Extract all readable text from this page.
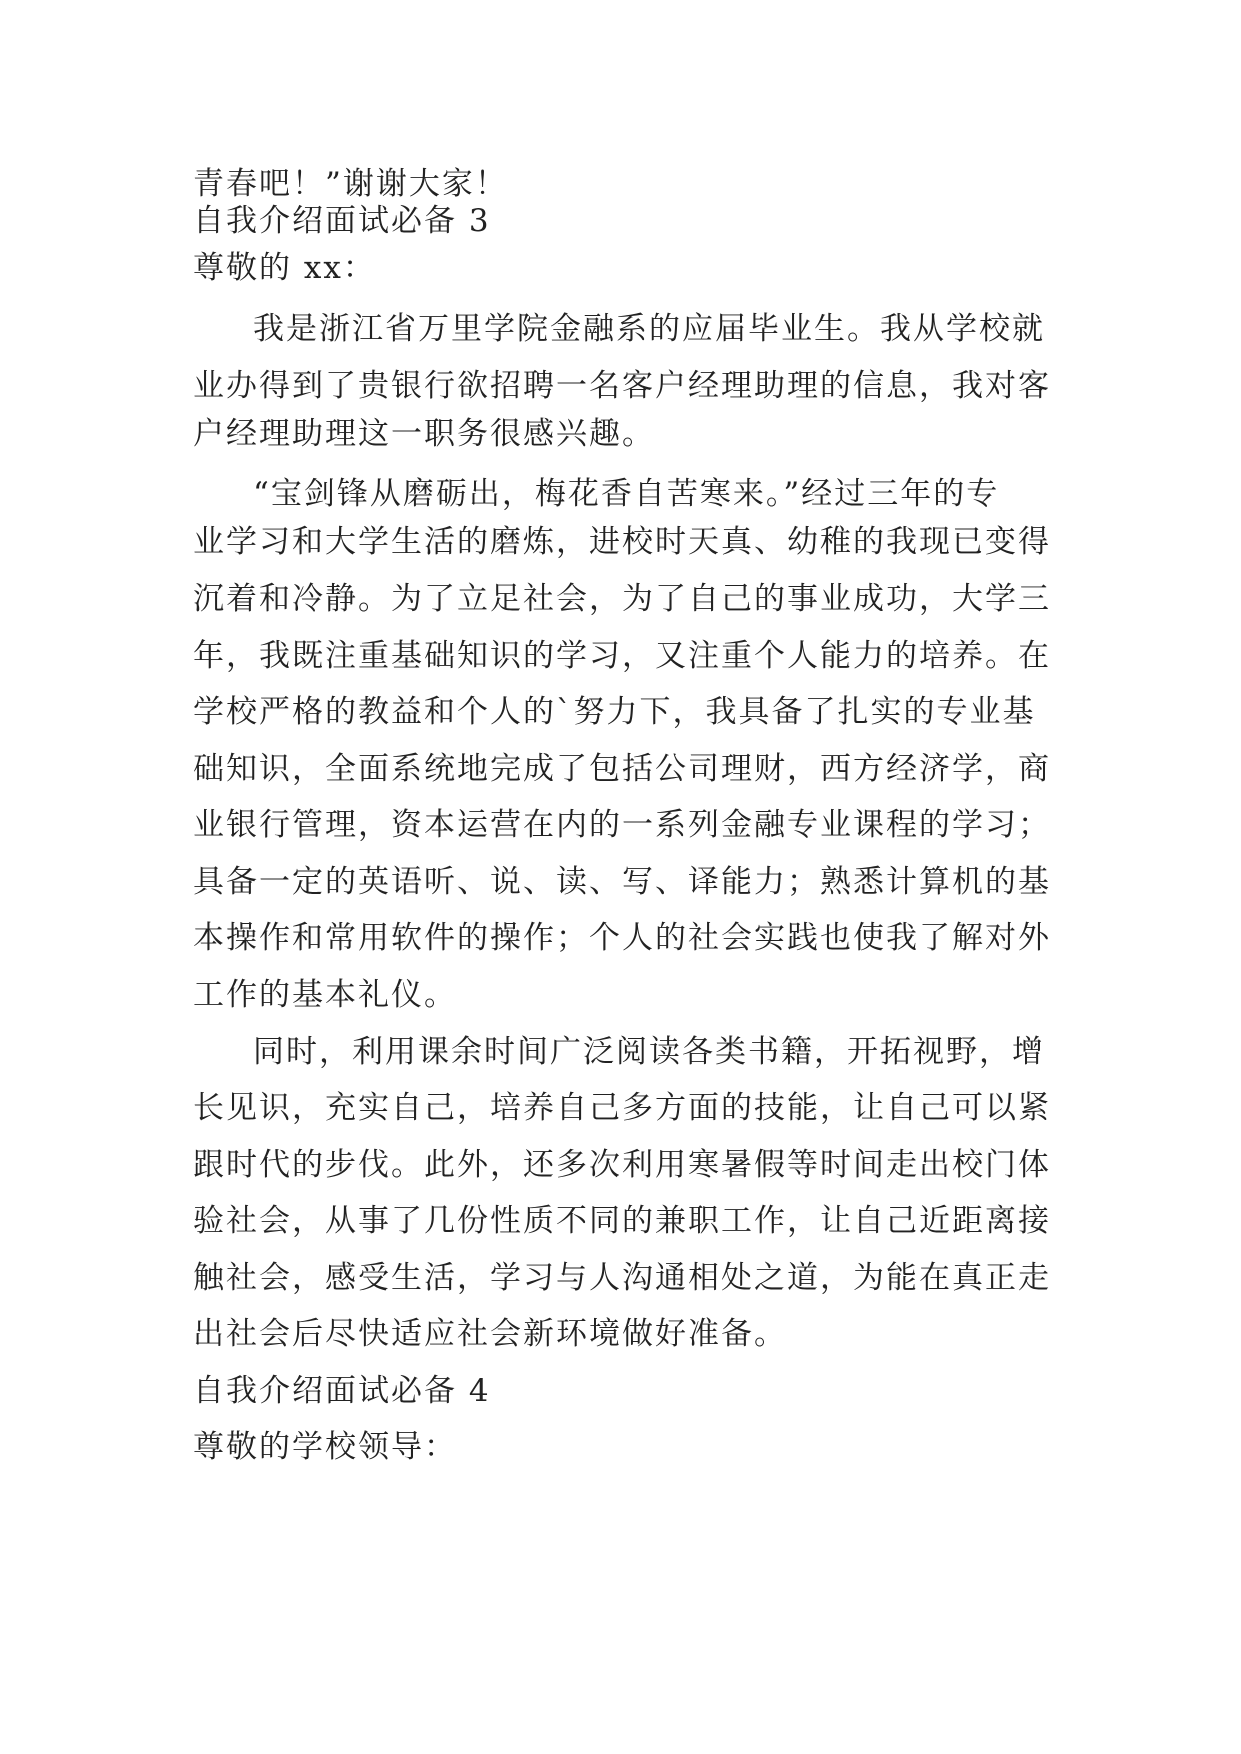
青春吧！”谢谢大家！
自我介绍面试必备 3
尊敬的 xx：
我是浙江省万里学院金融系的应届毕业生。我从学校就
业办得到了贵银行欲招聘一名客户经理助理的信息，我对客
户经理助理这一职务很感兴趣。
“宝剑锋从磨砺出，梅花香自苦寒来。”经过三年的专
业学习和大学生活的磨炼，进校时天真、幼稚的我现已变得
沉着和冷静。为了立足社会，为了自己的事业成功，大学三
年，我既注重基础知识的学习，又注重个人能力的培养。在
学校严格的教益和个人的`努力下，我具备了扎实的专业基
础知识，全面系统地完成了包括公司理财，西方经济学，商
业银行管理，资本运营在内的一系列金融专业课程的学习；
具备一定的英语听、说、读、写、译能力；熟悉计算机的基
本操作和常用软件的操作；个人的社会实践也使我了解对外
工作的基本礼仪。
同时，利用课余时间广泛阅读各类书籍，开拓视野，增
长见识，充实自己，培养自己多方面的技能，让自己可以紧
跟时代的步伐。此外，还多次利用寒暑假等时间走出校门体
验社会，从事了几份性质不同的兼职工作，让自己近距离接
触社会，感受生活，学习与人沟通相处之道，为能在真正走
出社会后尽快适应社会新环境做好准备。
自我介绍面试必备 4
尊敬的学校领导：
